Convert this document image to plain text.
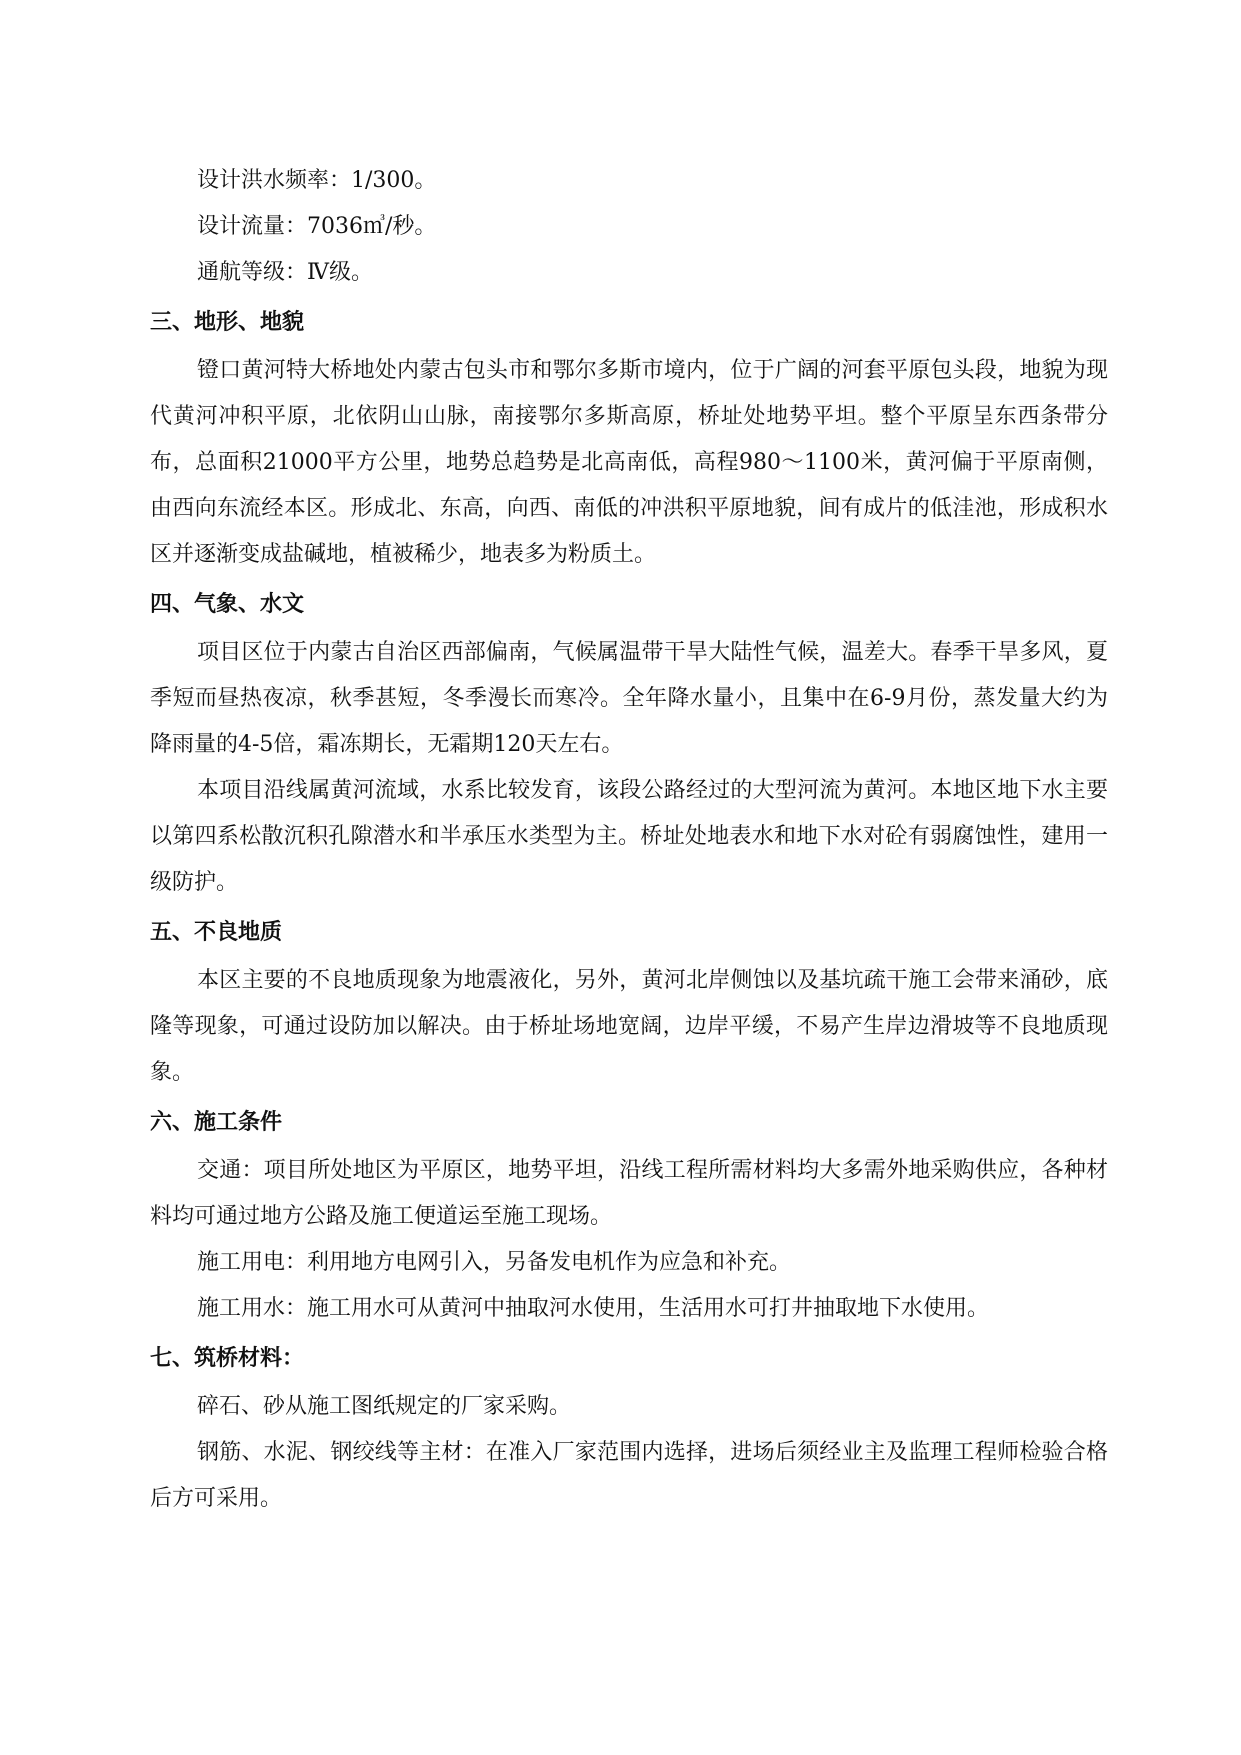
设计洪水频率：1/300。

设计流量：7036㎥/秒。

通航等级：Ⅳ级。

三、地形、地貌

镫口黄河特大桥地处内蒙古包头市和鄂尔多斯市境内，位于广阔的河套平原包头段，地貌为现代黄河冲积平原，北依阴山山脉，南接鄂尔多斯高原，桥址处地势平坦。整个平原呈东西条带分布，总面积21000平方公里，地势总趋势是北高南低，高程980～1100米，黄河偏于平原南侧，由西向东流经本区。形成北、东高，向西、南低的冲洪积平原地貌，间有成片的低洼池，形成积水区并逐渐变成盐碱地，植被稀少，地表多为粉质土。

四、气象、水文

项目区位于内蒙古自治区西部偏南，气候属温带干旱大陆性气候，温差大。春季干旱多风，夏季短而昼热夜凉，秋季甚短，冬季漫长而寒冷。全年降水量小，且集中在6-9月份，蒸发量大约为降雨量的4-5倍，霜冻期长，无霜期120天左右。

本项目沿线属黄河流域，水系比较发育，该段公路经过的大型河流为黄河。本地区地下水主要以第四系松散沉积孔隙潜水和半承压水类型为主。桥址处地表水和地下水对砼有弱腐蚀性，建用一级防护。

五、不良地质

本区主要的不良地质现象为地震液化，另外，黄河北岸侧蚀以及基坑疏干施工会带来涌砂，底隆等现象，可通过设防加以解决。由于桥址场地宽阔，边岸平缓，不易产生岸边滑坡等不良地质现象。

六、施工条件

交通：项目所处地区为平原区，地势平坦，沿线工程所需材料均大多需外地采购供应，各种材料均可通过地方公路及施工便道运至施工现场。

施工用电：利用地方电网引入，另备发电机作为应急和补充。

施工用水：施工用水可从黄河中抽取河水使用，生活用水可打井抽取地下水使用。

七、筑桥材料：

碎石、砂从施工图纸规定的厂家采购。

钢筋、水泥、钢绞线等主材：在准入厂家范围内选择，进场后须经业主及监理工程师检验合格后方可采用。
